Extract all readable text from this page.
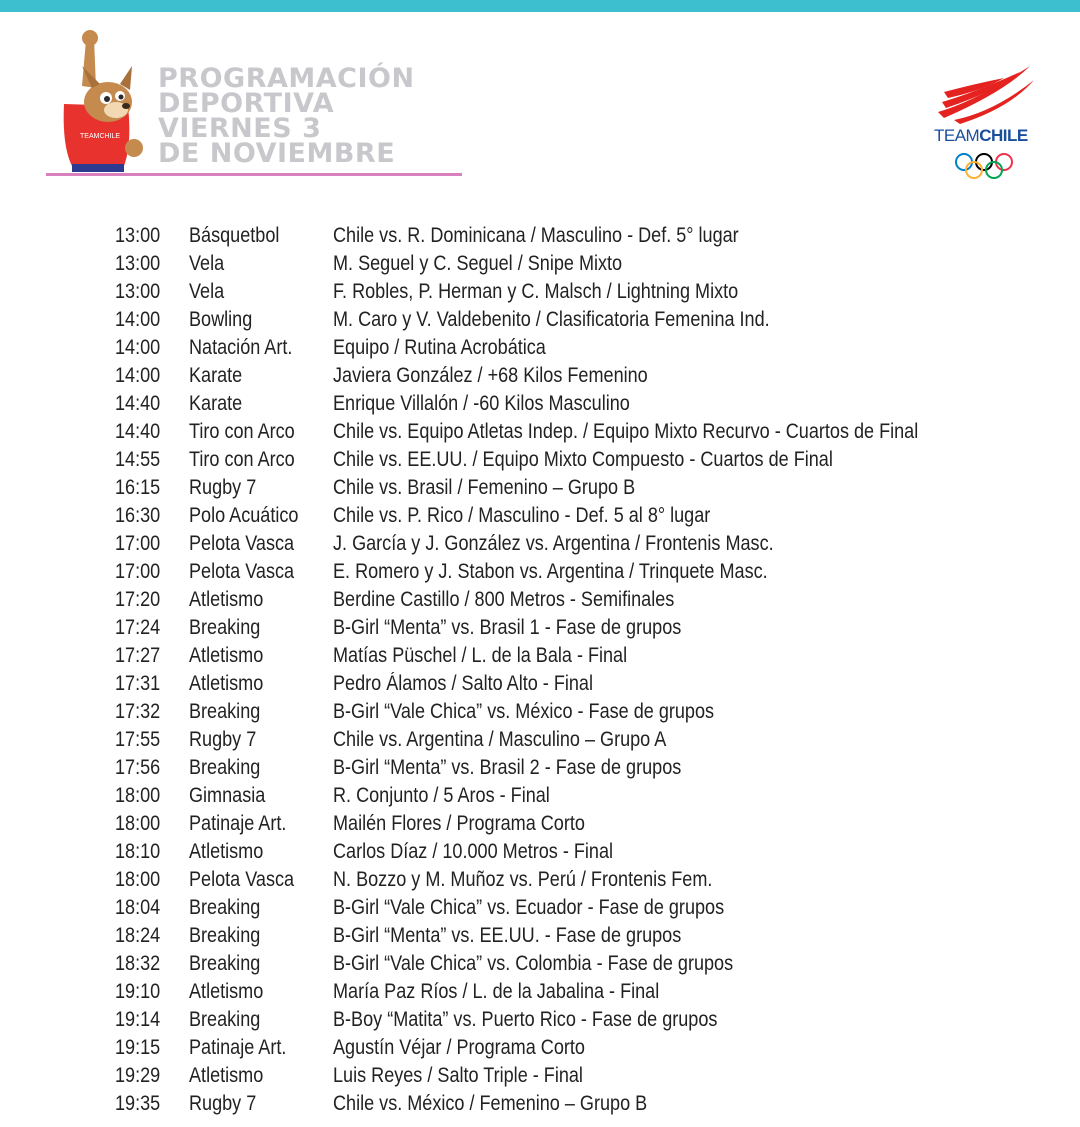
TEAMCHILE
PROGRAMACIÓN
DEPORTIVA
VIERNES 3
DE NOVIEMBRE
TEAMCHILE
13:00	Básquetbol	Chile vs. R. Dominicana / Masculino - Def. 5° lugar
13:00	Vela	M. Seguel y C. Seguel / Snipe Mixto
13:00	Vela	F. Robles, P. Herman y C. Malsch / Lightning Mixto
14:00	Bowling	M. Caro y V. Valdebenito / Clasificatoria Femenina Ind.
14:00	Natación Art.	Equipo / Rutina Acrobática
14:00	Karate	Javiera González / +68 Kilos Femenino
14:40	Karate	Enrique Villalón / -60 Kilos Masculino
14:40	Tiro con Arco	Chile vs. Equipo Atletas Indep. / Equipo Mixto Recurvo - Cuartos de Final
14:55	Tiro con Arco	Chile vs. EE.UU. / Equipo Mixto Compuesto - Cuartos de Final
16:15	Rugby 7	Chile vs. Brasil / Femenino – Grupo B
16:30	Polo Acuático	Chile vs. P. Rico / Masculino - Def. 5 al 8° lugar
17:00	Pelota Vasca	J. García y J. González vs. Argentina / Frontenis Masc.
17:00	Pelota Vasca	E. Romero y J. Stabon vs. Argentina / Trinquete Masc.
17:20	Atletismo	Berdine Castillo / 800 Metros - Semifinales
17:24	Breaking	B-Girl “Menta” vs. Brasil 1 - Fase de grupos
17:27	Atletismo	Matías Püschel / L. de la Bala - Final
17:31	Atletismo	Pedro Álamos / Salto Alto - Final
17:32	Breaking	B-Girl “Vale Chica” vs. México - Fase de grupos
17:55	Rugby 7	Chile vs. Argentina / Masculino – Grupo A
17:56	Breaking	B-Girl “Menta” vs. Brasil 2 - Fase de grupos
18:00	Gimnasia	R. Conjunto / 5 Aros - Final
18:00	Patinaje Art.	Mailén Flores / Programa Corto
18:10	Atletismo	Carlos Díaz / 10.000 Metros - Final
18:00	Pelota Vasca	N. Bozzo y M. Muñoz vs. Perú / Frontenis Fem.
18:04	Breaking	B-Girl “Vale Chica” vs. Ecuador - Fase de grupos
18:24	Breaking	B-Girl “Menta” vs. EE.UU. - Fase de grupos
18:32	Breaking	B-Girl “Vale Chica” vs. Colombia - Fase de grupos
19:10	Atletismo	María Paz Ríos / L. de la Jabalina - Final
19:14	Breaking	B-Boy “Matita” vs. Puerto Rico - Fase de grupos
19:15	Patinaje Art.	Agustín Véjar / Programa Corto
19:29	Atletismo	Luis Reyes / Salto Triple - Final
19:35	Rugby 7	Chile vs. México / Femenino – Grupo B
